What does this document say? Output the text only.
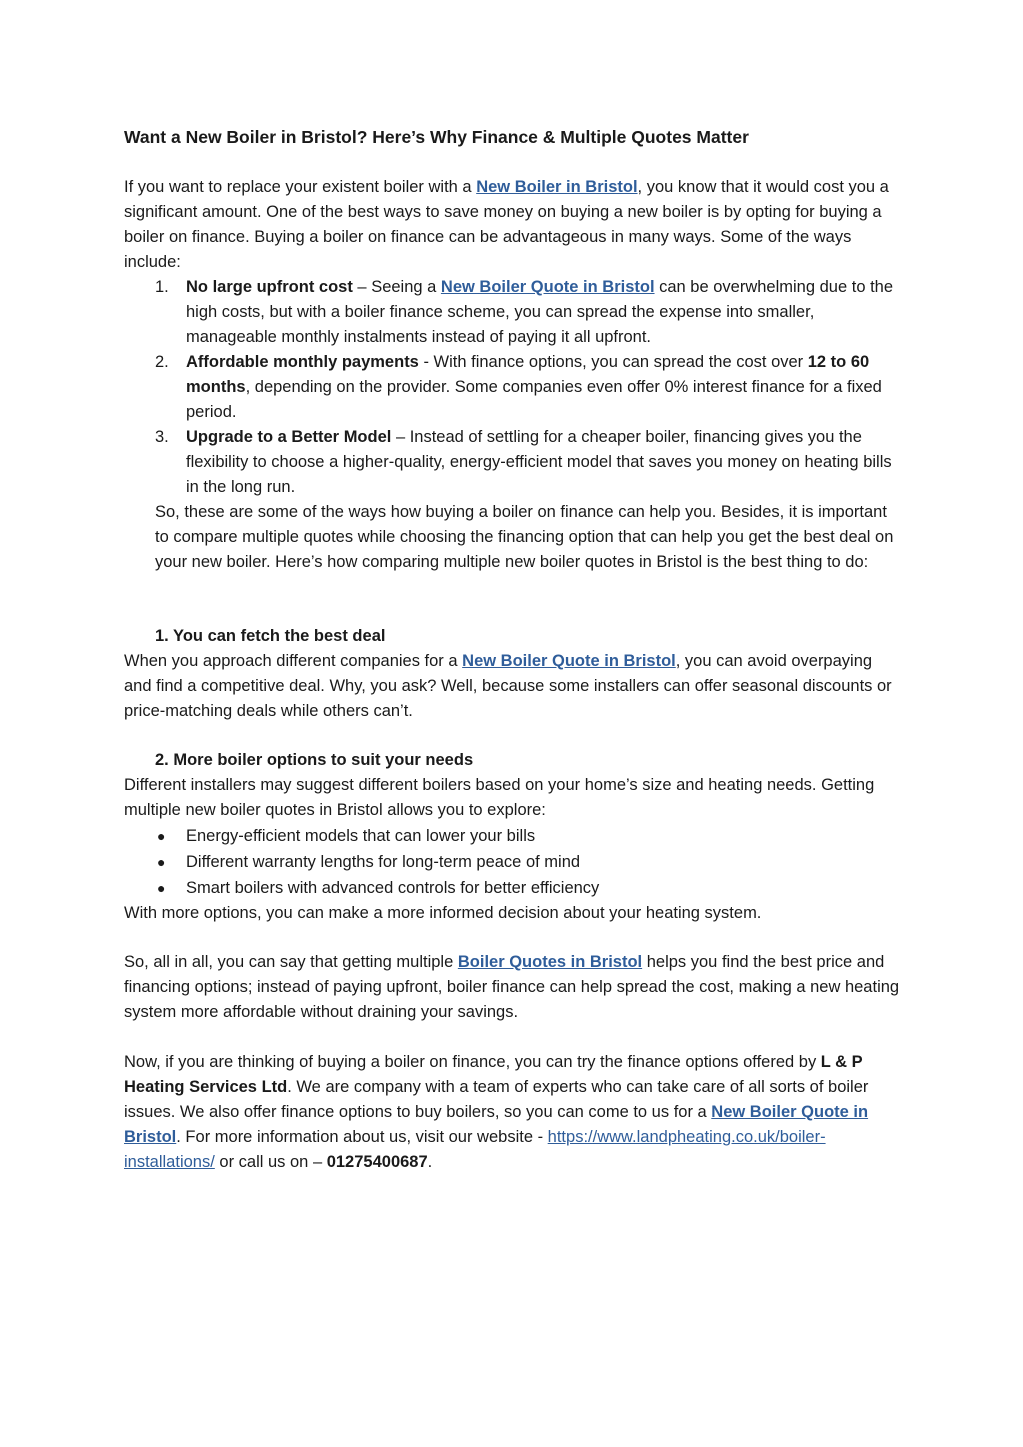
Want a New Boiler in Bristol? Here’s Why Finance & Multiple Quotes Matter

If you want to replace your existent boiler with a New Boiler in Bristol, you know that it would cost you a significant amount. One of the best ways to save money on buying a new boiler is by opting for buying a boiler on finance. Buying a boiler on finance can be advantageous in many ways. Some of the ways include:

1. No large upfront cost – Seeing a New Boiler Quote in Bristol can be overwhelming due to the high costs, but with a boiler finance scheme, you can spread the expense into smaller, manageable monthly instalments instead of paying it all upfront.
2. Affordable monthly payments - With finance options, you can spread the cost over 12 to 60 months, depending on the provider. Some companies even offer 0% interest finance for a fixed period.
3. Upgrade to a Better Model – Instead of settling for a cheaper boiler, financing gives you the flexibility to choose a higher-quality, energy-efficient model that saves you money on heating bills in the long run.

So, these are some of the ways how buying a boiler on finance can help you. Besides, it is important to compare multiple quotes while choosing the financing option that can help you get the best deal on your new boiler. Here’s how comparing multiple new boiler quotes in Bristol is the best thing to do:

1. You can fetch the best deal

When you approach different companies for a New Boiler Quote in Bristol, you can avoid overpaying and find a competitive deal. Why, you ask? Well, because some installers can offer seasonal discounts or price-matching deals while others can’t.

2. More boiler options to suit your needs

Different installers may suggest different boilers based on your home’s size and heating needs. Getting multiple new boiler quotes in Bristol allows you to explore:

● Energy-efficient models that can lower your bills
● Different warranty lengths for long-term peace of mind
● Smart boilers with advanced controls for better efficiency

With more options, you can make a more informed decision about your heating system.

So, all in all, you can say that getting multiple Boiler Quotes in Bristol helps you find the best price and financing options; instead of paying upfront, boiler finance can help spread the cost, making a new heating system more affordable without draining your savings.

Now, if you are thinking of buying a boiler on finance, you can try the finance options offered by L & P Heating Services Ltd. We are company with a team of experts who can take care of all sorts of boiler issues. We also offer finance options to buy boilers, so you can come to us for a New Boiler Quote in Bristol. For more information about us, visit our website - https://www.landpheating.co.uk/boiler-installations/ or call us on – 01275400687.
